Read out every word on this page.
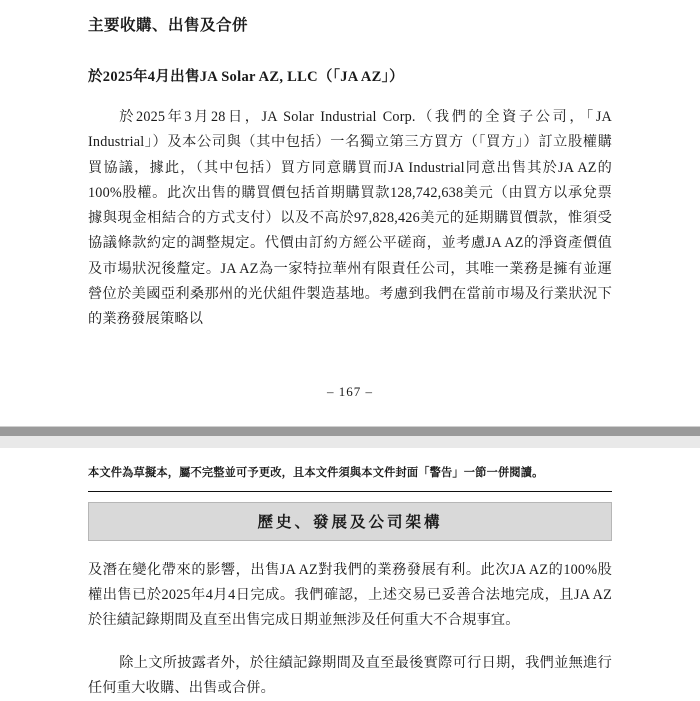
主要收購、出售及合併
於2025年4月出售JA Solar AZ, LLC（「JA AZ」）

於2025年3月28日，JA Solar Industrial Corp.（我們的全資子公司，「JA Industrial」）及本公司與（其中包括）一名獨立第三方買方（「買方」）訂立股權購買協議，據此，（其中包括）買方同意購買而JA Industrial同意出售其於JA AZ的100%股權。此次出售的購買價包括首期購買款128,742,638美元（由買方以承兌票據與現金相結合的方式支付）以及不高於97,828,426美元的延期購買價款，惟須受協議條款約定的調整規定。代價由訂約方經公平磋商，並考慮JA AZ的淨資產價值及市場狀況後釐定。JA AZ為一家特拉華州有限責任公司，其唯一業務是擁有並運營位於美國亞利桑那州的光伏組件製造基地。考慮到我們在當前市場及行業狀況下的業務發展策略以

– 167 –
本文件為草擬本，屬不完整並可予更改，且本文件須與本文件封面「警告」一節一併閱讀。
歷史、發展及公司架構

及潛在變化帶來的影響，出售JA AZ對我們的業務發展有利。此次JA AZ的100%股權出售已於2025年4月4日完成。我們確認，上述交易已妥善合法地完成，且JA AZ於往績記錄期間及直至出售完成日期並無涉及任何重大不合規事宜。

除上文所披露者外，於往績記錄期間及直至最後實際可行日期，我們並無進行任何重大收購、出售或合併。
